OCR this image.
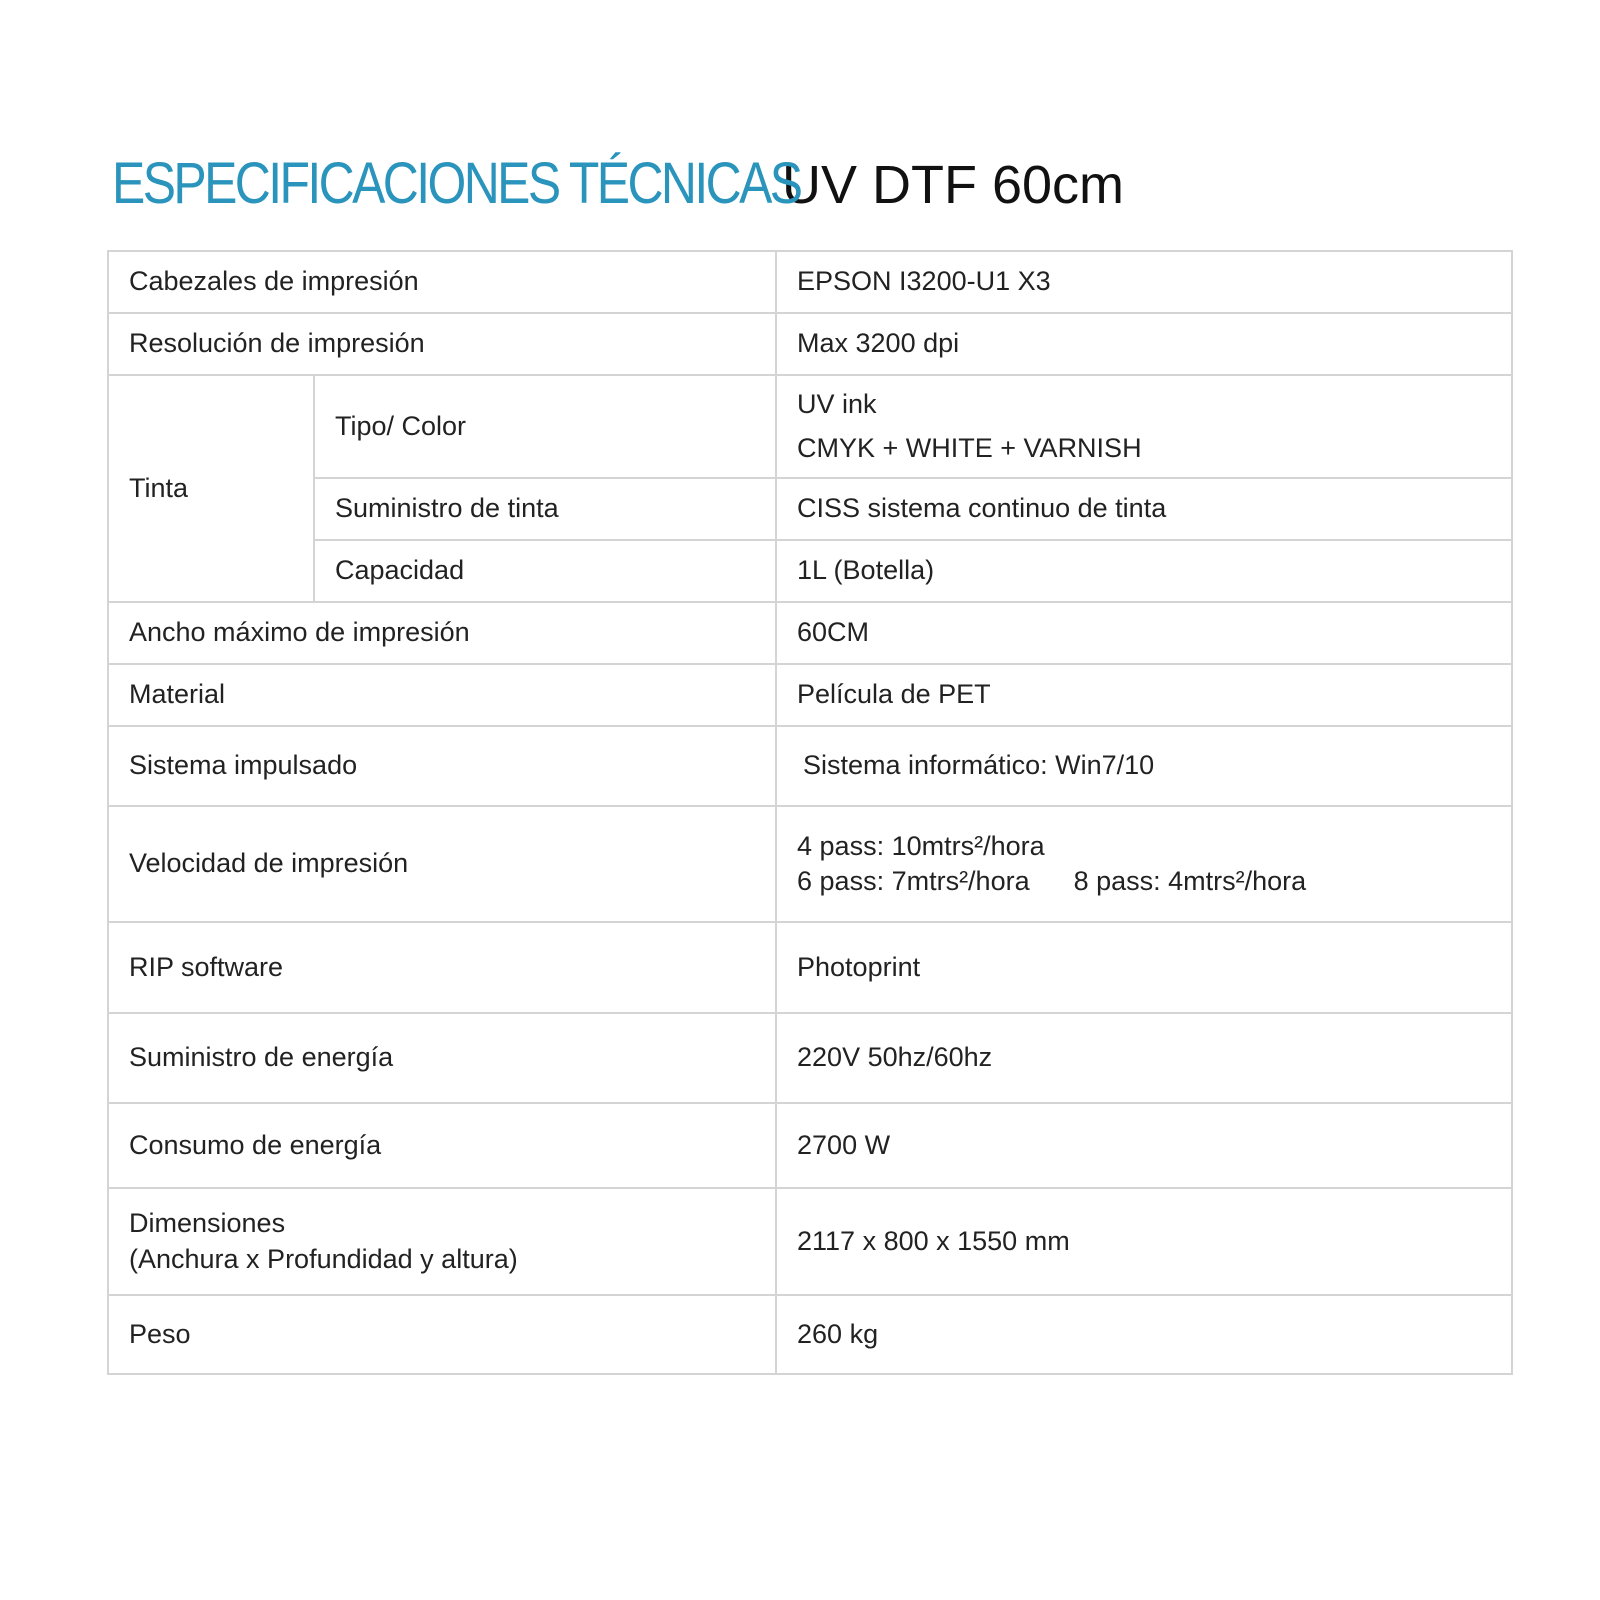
ESPECIFICACIONES TÉCNICAS
UV DTF 60cm
Cabezales de impresión		EPSON I3200-U1 X3
Resolución de impresión		Max 3200 dpi
Tinta	Tipo/ Color	UV ink
CMYK + WHITE + VARNISH

	Suministro de tinta	CISS sistema continuo de tinta
	Capacidad	1L (Botella)
Ancho máximo de impresión		60CM
Material		Película de PET
Sistema impulsado		Sistema informático: Win7/10
Velocidad de impresión		4 pass: 10mtrs²/hora
6 pass: 7mtrs²/hora 8 pass: 4mtrs²/hora

RIP software		Photoprint
Suministro de energía		220V 50hz/60hz
Consumo de energía		2700 W

Dimensiones
(Anchura x Profundidad y altura)		2117 x 800 x 1550 mm
Peso		260 kg
